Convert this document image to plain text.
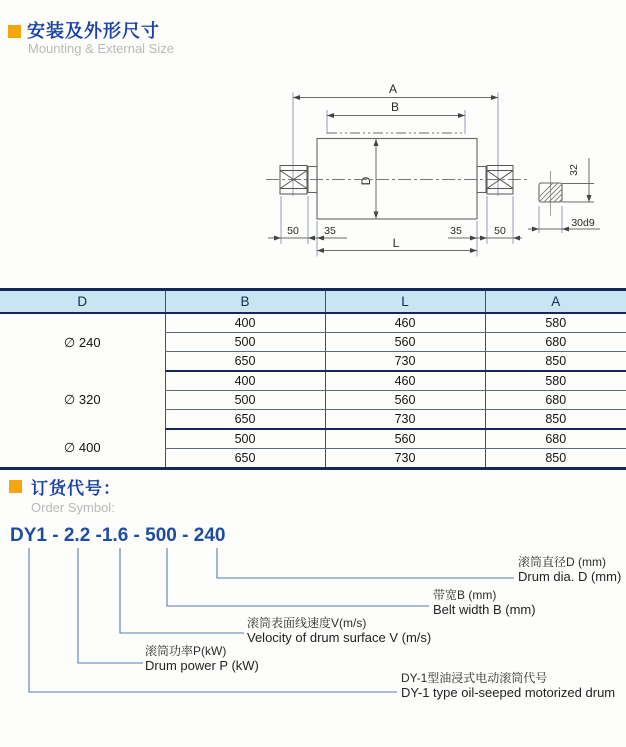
安装及外形尺寸
Mounting & External Size
A
B
D
50 35	35	50
L
32
30d9
D	B	L	A
∅ 240	400	460	580
	500	560	680
	650	730	850
∅ 320	400	460	580
	500	560	680
	650	730	850
∅ 400	500	560	680
	650	730	850
订货代号：
Order Symbol:
DY1 - 2.2 -1.6 - 500 - 240
滚筒直径D (mm)
Drum dia. D (mm)
带宽B (mm)
Belt width B (mm)
滚筒表面线速度V(m/s)
Velocity of drum surface V (m/s)
滚筒功率P(kW)
Drum power P (kW)
DY-1型油浸式电动滚筒代号
DY-1 type oil-seeped motorized drum
